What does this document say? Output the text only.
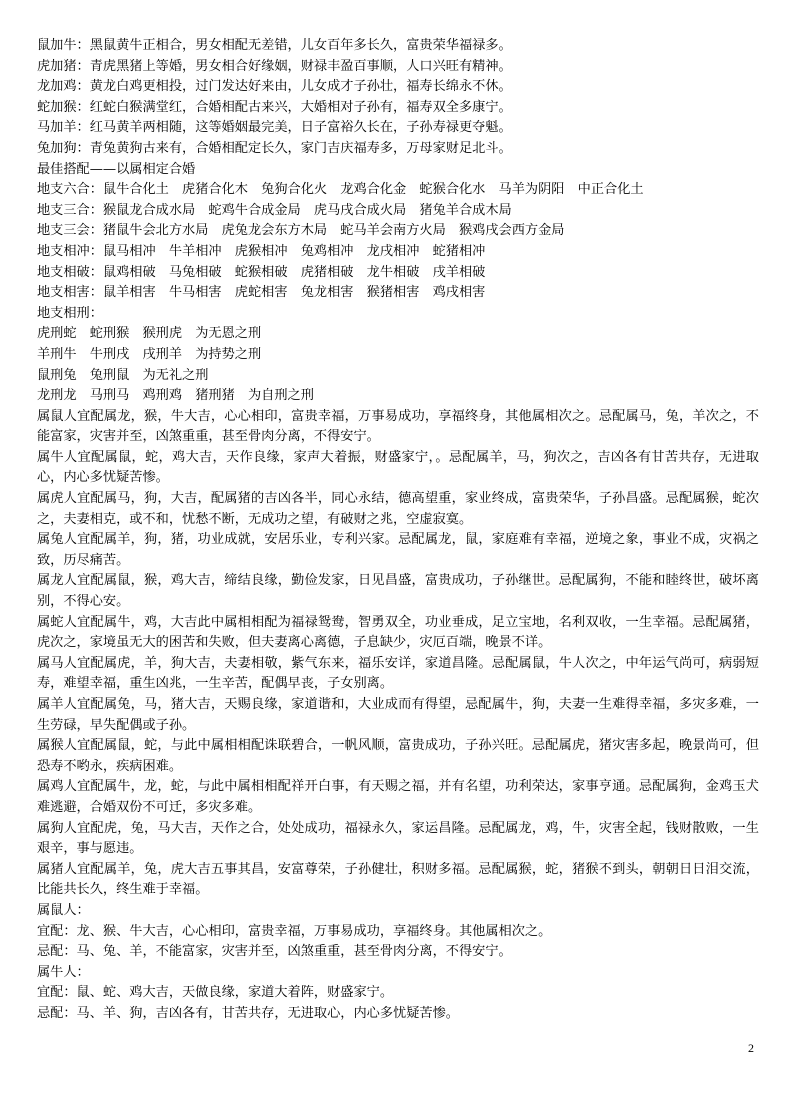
鼠加牛：黑鼠黄牛正相合，男女相配无差错，儿女百年多长久，富贵荣华福禄多。

虎加猪：青虎黑猪上等婚，男女相合好缘姻，财禄丰盈百事顺，人口兴旺有精神。

龙加鸡：黄龙白鸡更相投，过门发达好来由，儿女成才子孙壮，福寿长绵永不休。

蛇加猴：红蛇白猴满堂红，合婚相配古来兴，大婚相对子孙有，福寿双全多康宁。

马加羊：红马黄羊两相随，这等婚姻最完美，日子富裕久长在，子孙寿禄更夺魁。

兔加狗：青兔黄狗古来有，合婚相配定长久，家门吉庆福寿多，万母家财足北斗。

最佳搭配——以属相定合婚

地支六合：鼠牛合化土　虎猪合化木　兔狗合化火　龙鸡合化金　蛇猴合化水　马羊为阴阳　中正合化土

地支三合：猴鼠龙合成水局　蛇鸡牛合成金局　虎马戌合成火局　猪兔羊合成木局

地支三会：猪鼠牛会北方水局　虎兔龙会东方木局　蛇马羊会南方火局　猴鸡戌会西方金局

地支相冲：鼠马相冲　牛羊相冲　虎猴相冲　兔鸡相冲　龙戌相冲　蛇猪相冲

地支相破：鼠鸡相破　马兔相破　蛇猴相破　虎猪相破　龙牛相破　戌羊相破

地支相害：鼠羊相害　牛马相害　虎蛇相害　兔龙相害　猴猪相害　鸡戌相害

地支相刑：

虎刑蛇　蛇刑猴　猴刑虎　为无恩之刑

羊刑牛　牛刑戌　戌刑羊　为持势之刑

鼠刑兔　兔刑鼠　为无礼之刑

龙刑龙　马刑马　鸡刑鸡　猪刑猪　为自刑之刑

属鼠人宜配属龙，猴，牛大吉，心心相印，富贵幸福，万事易成功，享福终身，其他属相次之。忌配属马，兔，羊次之，不能富家，灾害并至，凶煞重重，甚至骨肉分离，不得安宁。

属牛人宜配属鼠，蛇，鸡大吉，天作良缘，家声大着振，财盛家宁，。忌配属羊，马，狗次之，吉凶各有甘苦共存，无进取心，内心多忧疑苦惨。

属虎人宜配属马，狗，大吉，配属猪的吉凶各半，同心永结，德高望重，家业终成，富贵荣华，子孙昌盛。忌配属猴，蛇次之，夫妻相克，或不和，忧愁不断，无成功之望，有破财之兆，空虚寂寞。

属兔人宜配属羊，狗，猪，功业成就，安居乐业，专利兴家。忌配属龙，鼠，家庭难有幸福，逆境之象，事业不成，灾祸之致，历尽痛苦。

属龙人宜配属鼠，猴，鸡大吉，缔结良缘，勤俭发家，日见昌盛，富贵成功，子孙继世。忌配属狗，不能和睦终世，破坏离别，不得心安。

属蛇人宜配属牛，鸡，大吉此中属相相配为福禄鸳鸯，智勇双全，功业垂成，足立宝地，名利双收，一生幸福。忌配属猪，虎次之，家境虽无大的困苦和失败，但夫妻离心离德，子息缺少，灾厄百端，晚景不详。

属马人宜配属虎，羊，狗大吉，夫妻相敬，紫气东来，福乐安详，家道昌隆。忌配属鼠，牛人次之，中年运气尚可，病弱短寿，难望幸福，重生凶兆，一生辛苦，配偶早丧，子女别离。

属羊人宜配属兔，马，猪大吉，天赐良缘，家道谐和，大业成而有得望，忌配属牛，狗，夫妻一生难得幸福，多灾多难，一生劳碌，早失配偶或子孙。

属猴人宜配属鼠，蛇，与此中属相相配诛联碧合，一帆风顺，富贵成功，子孙兴旺。忌配属虎，猪灾害多起，晚景尚可，但恐寿不哟永，疾病困难。

属鸡人宜配属牛，龙，蛇，与此中属相相配祥开白事，有天赐之福，并有名望，功利荣达，家事亨通。忌配属狗，金鸡玉犬难逃避，合婚双份不可迁，多灾多难。

属狗人宜配虎，兔，马大吉，天作之合，处处成功，福禄永久，家运昌隆。忌配属龙，鸡，牛，灾害全起，钱财散败，一生艰辛，事与愿违。

属猪人宜配属羊，兔，虎大吉五事其昌，安富尊荣，子孙健壮，积财多福。忌配属猴，蛇，猪猴不到头，朝朝日日泪交流，比能共长久，终生难于幸福。

属鼠人：

宜配：龙、猴、牛大吉，心心相印，富贵幸福，万事易成功，享福终身。其他属相次之。

忌配：马、兔、羊，不能富家，灾害并至，凶煞重重，甚至骨肉分离，不得安宁。

属牛人：

宜配：鼠、蛇、鸡大吉，天做良缘，家道大着阵，财盛家宁。

忌配：马、羊、狗，吉凶各有，甘苦共存，无进取心，内心多忧疑苦惨。

2
